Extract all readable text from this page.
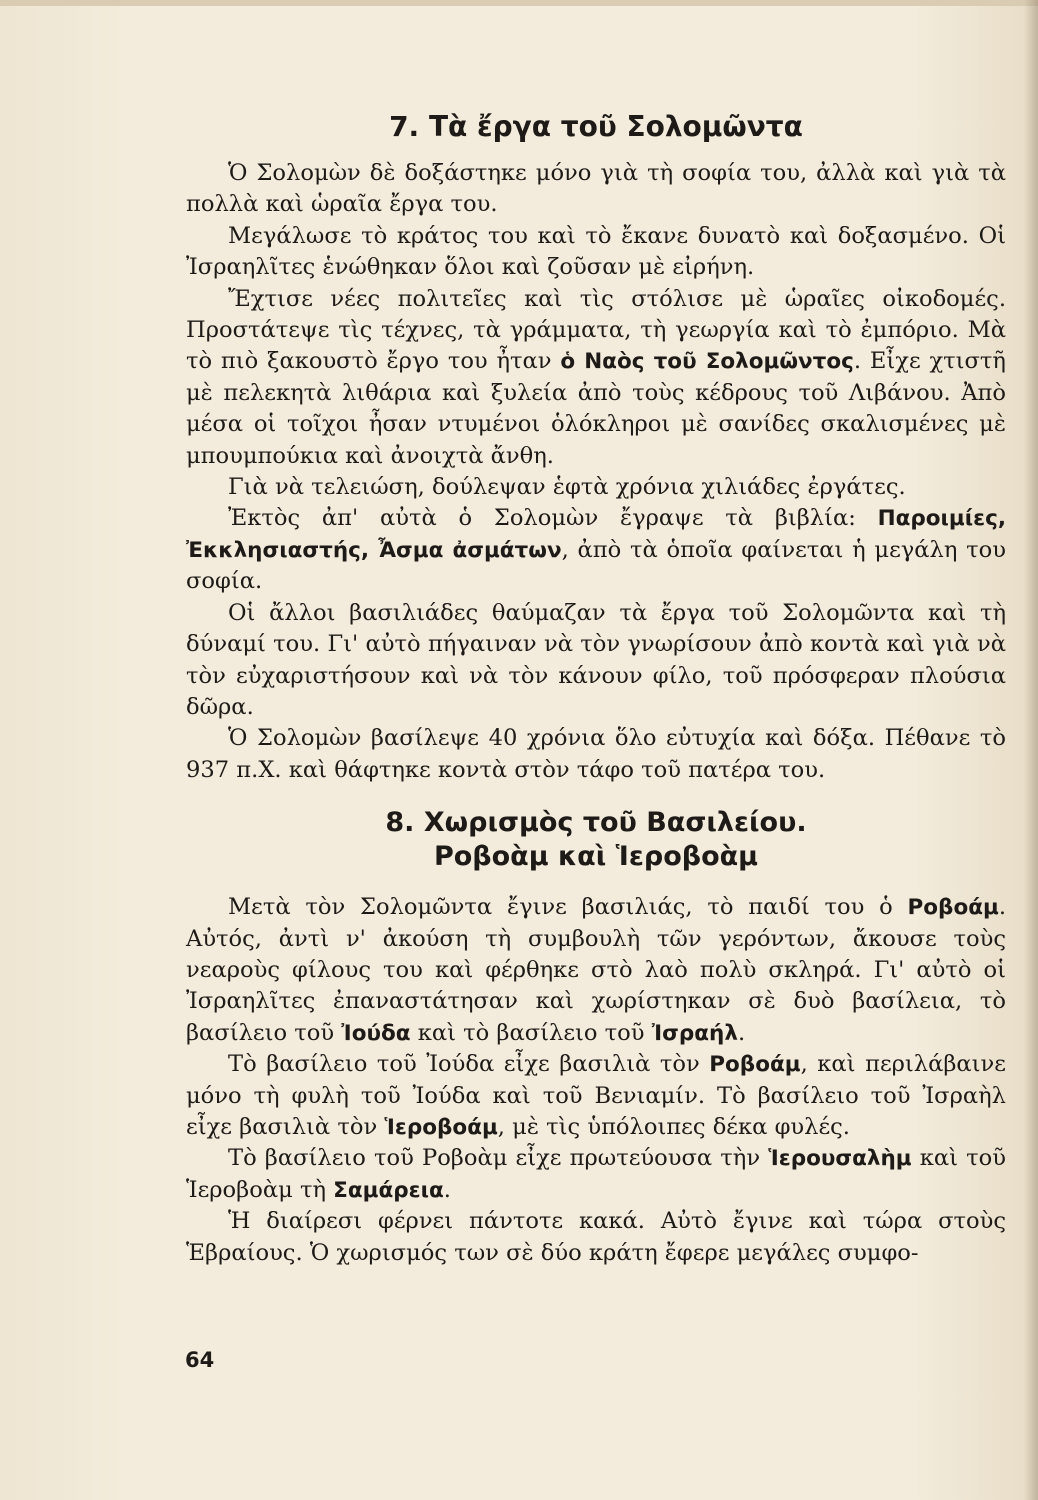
7. Τὰ ἔργα τοῦ Σολομῶντα

Ὁ Σολομὼν δὲ δοξάστηκε μόνο γιὰ τὴ σοφία του, ἀλλὰ καὶ γιὰ τὰ πολλὰ καὶ ὡραῖα ἔργα του.

Μεγάλωσε τὸ κράτος του καὶ τὸ ἔκανε δυνατὸ καὶ δοξασμένο. Οἱ Ἰσραηλῖτες ἑνώθηκαν ὅλοι καὶ ζοῦσαν μὲ εἰρήνη.

Ἔχτισε νέες πολιτεῖες καὶ τὶς στόλισε μὲ ὡραῖες οἰκοδομές. Προστάτεψε τὶς τέχνες, τὰ γράμματα, τὴ γεωργία καὶ τὸ ἐμπόριο. Μὰ τὸ πιὸ ξακουστὸ ἔργο του ἦταν ὁ Ναὸς τοῦ Σολομῶντος. Εἶχε χτιστῆ μὲ πελεκητὰ λιθάρια καὶ ξυλεία ἀπὸ τοὺς κέδρους τοῦ Λιβάνου. Ἀπὸ μέσα οἱ τοῖχοι ἦσαν ντυμένοι ὁλόκληροι μὲ σανίδες σκαλισμένες μὲ μπουμπούκια καὶ ἀνοιχτὰ ἄνθη.

Γιὰ νὰ τελειώση, δούλεψαν ἑφτὰ χρόνια χιλιάδες ἐργάτες.

Ἐκτὸς ἀπ' αὐτὰ ὁ Σολομὼν ἔγραψε τὰ βιβλία: Παροιμίες, Ἐκκλησιαστής, Ἆσμα ἀσμάτων, ἀπὸ τὰ ὁποῖα φαίνεται ἡ μεγάλη του σοφία.

Οἱ ἄλλοι βασιλιάδες θαύμαζαν τὰ ἔργα τοῦ Σολομῶντα καὶ τὴ δύναμί του. Γι' αὐτὸ πήγαιναν νὰ τὸν γνωρίσουν ἀπὸ κοντὰ καὶ γιὰ νὰ τὸν εὐχαριστήσουν καὶ νὰ τὸν κάνουν φίλο, τοῦ πρόσφεραν πλούσια δῶρα.

Ὁ Σολομὼν βασίλεψε 40 χρόνια ὅλο εὐτυχία καὶ δόξα. Πέθανε τὸ 937 π.Χ. καὶ θάφτηκε κοντὰ στὸν τάφο τοῦ πατέρα του.

8. Χωρισμὸς τοῦ Βασιλείου.
Ροβοὰμ καὶ Ἱεροβοὰμ

Μετὰ τὸν Σολομῶντα ἔγινε βασιλιάς, τὸ παιδί του ὁ Ροβοάμ. Αὐτός, ἀντὶ ν' ἀκούση τὴ συμβουλὴ τῶν γερόντων, ἄκουσε τοὺς νεαροὺς φίλους του καὶ φέρθηκε στὸ λαὸ πολὺ σκληρά. Γι' αὐτὸ οἱ Ἰσραηλῖτες ἐπαναστάτησαν καὶ χωρίστηκαν σὲ δυὸ βασίλεια, τὸ βασίλειο τοῦ Ἰούδα καὶ τὸ βασίλειο τοῦ Ἰσραήλ.

Τὸ βασίλειο τοῦ Ἰούδα εἶχε βασιλιὰ τὸν Ροβοάμ, καὶ περιλάβαινε μόνο τὴ φυλὴ τοῦ Ἰούδα καὶ τοῦ Βενιαμίν. Τὸ βασίλειο τοῦ Ἰσραὴλ εἶχε βασιλιὰ τὸν Ἱεροβοάμ, μὲ τὶς ὑπόλοιπες δέκα φυλές.

Τὸ βασίλειο τοῦ Ροβοὰμ εἶχε πρωτεύουσα τὴν Ἱερουσαλὴμ καὶ τοῦ Ἱεροβοὰμ τὴ Σαμάρεια.

Ἡ διαίρεσι φέρνει πάντοτε κακά. Αὐτὸ ἔγινε καὶ τώρα στοὺς Ἑβραίους. Ὁ χωρισμός των σὲ δύο κράτη ἔφερε μεγάλες συμφο-

64
